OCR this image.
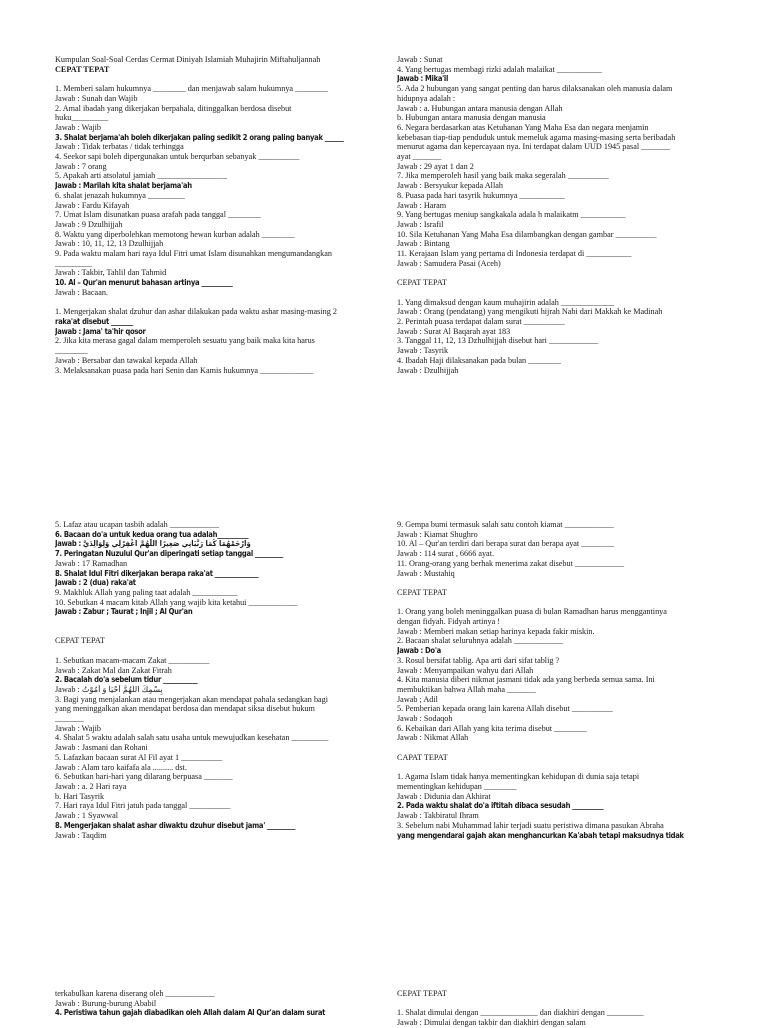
Kumpulan Soal-Soal Cerdas Cermat Diniyah Islamiah Muhajirin Miftahuljannah
CEPAT TEPAT

1. Memberi salam hukumnya ________ dan menjawab salam hukumnya ________
Jawab : Sunah dan Wajib
2. Amal ibadah yang dikerjakan berpahala, ditinggalkan berdosa disebut
huku_________
Jawab : Wajib
3. Shalat berjama'ah boleh dikerjakan paling sedikit 2 orang paling banyak ______
Jawab : Tidak terbatas / tidak terhingga
4. Seekor sapi boleh dipergunakan untuk berqurban sebanyak __________
Jawab : 7 orang
5. Apakah arti atsolatul jamiah _________________
Jawab : Marilah kita shalat berjama'ah
6. shalat jenazah hukumnya _________
Jawab : Fardu Kifayah
7. Umat Islam disunatkan puasa arafah pada tanggal ________
Jawab : 9 Dzulhijjah
8. Waktu yang diperbolehkan memotong hewan kurban adalah ________
Jawab : 10, 11, 12, 13 Dzulhijjah
9. Pada waktu malam hari raya Idul Fitri umat Islam disunahkan mengumandangkan
_________
Jawab : Takbir, Tahlil dan Tahmid
10. Al – Qur'an menurut bahasan artinya __________
Jawab : Bacaan.

1. Mengerjakan shalat dzuhur dan ashar dilakukan pada waktu ashar masing-masing 2
raka'at disebut _______
Jawab : Jama' ta'hir qosor
2. Jika kita merasa gagal dalam memperoleh sesuatu yang baik maka kita harus
________
Jawab : Bersabar dan tawakal kepada Allah
3. Melaksanakan puasa pada hari Senin dan Kamis hukumnya _____________
Jawab : Sunat
4. Yang bertugas membagi rizki adalah malaikat ___________
Jawab : Mika'il
5. Ada 2 hubungan yang sangat penting dan harus dilaksanakan oleh manusia dalam
hidupnya adalah :
Jawab : a. Hubungan antara manusia dengan Allah
b. Hubungan antara manusia dengan manusia
6. Negara berdasarkan atas Ketuhanan Yang Maha Esa dan negara menjamin
kebebasan tiap-tiap penduduk untuk memeluk agama masing-masing serta beribadah
menurut agama dan kepercayaan nya. Ini terdapat dalam UUD 1945 pasal _______
ayat _______
Jawab : 29 ayat 1 dan 2
7. Jika memperoleh hasil yang baik maka segeralah __________
Jawab : Bersyukur kepada Allah
8. Puasa pada hari tasyrik hukumnya ___________
Jawab : Haram
9. Yang bertugas meniup sangkakala adala h malaikatm ___________
Jawab : Israfil
10. Sila Ketuhanan Yang Maha Esa dilambangkan dengan gambar __________
Jawab : Bintang
11. Kerajaan Islam yang pertama di Indonesia terdapat di ___________
Jawab : Samudera Pasai (Aceh)

CEPAT TEPAT

1. Yang dimaksud dengan kaum muhajirin adalah _____________
Jawab : Orang (pendatang) yang mengikuti hijrah Nabi dari Makkah ke Madinah
2. Perintah puasa terdapat dalam surat __________
Jawab : Surat Al Baqarah ayat 183
3. Tanggal 11, 12, 13 Dzhulhijjah disebut hari ____________
Jawab : Tasyrik
4. Ibadah Haji dilaksanakan pada bulan ________
Jawab : Dzulhijjah
5. Lafaz atau ucapan tasbih adalah ____________
6. Bacaan do'a untuk kedua orang tua adalah__________
Jawab : وَارْحَمْهُمَا كَمَا رَبَّيَانِي صَغِيرًا اللَّهُمَّ اغْفِرْلِي وَلِوَالِدَيَّ
7. Peringatan Nuzulul Qur'an diperingati setiap tanggal _________
Jawab : 17 Ramadhan
8. Shalat Idul Fitri dikerjakan berapa raka'at ______________
Jawab : 2 (dua) raka'at
9. Makhluk Allah yang paling taat adalah ___________
10. Sebutkan 4 macam kitab Allah yang wajib kita ketahui ____________
Jawab : Zabur ; Taurat ; Injil ; Al Qur'an

CEPAT TEPAT

1. Sebutkan macam-macam Zakat __________
Jawab : Zakat Mal dan Zakat Fitrah
2. Bacalah do'a sebelum tidur ___________
Jawab : بِسْمِكَ اللَّهُمَّ أَحْيَا وَ أَمُوْتُ
3. Bagi yang menjalankan atau mengerjakan akan mendapat pahala sedangkan bagi
yang meninggalkan akan mendapat berdosa dan mendapat siksa disebut hukum
_______
Jawab : Wajib
4. Shalat 5 waktu adalah salah satu usaha untuk mewujudkan kesehatan _________
Jawab : Jasmani dan Rohani
5. Lafazkan bacaan surat Al Fil ayat 1 __________
Jawab : Alam taro kaifafa ala .......... dst.
6. Sebutkan hari-hari yang dilarang berpuasa _______
Jawab : a. 2 Hari raya
b. Hari Tasyrik
7. Hari raya Idul Fitri jatuh pada tanggal __________
Jawab : 1 Syawwal
8. Mengerjakan shalat ashar diwaktu dzuhur disebut jama' _________
Jawab : Taqdim
9. Gempa bumi termasuk salah satu contoh kiamat ____________
Jawab : Kiamat Shughro
10. Al – Qur'an terdiri dari berapa surat dan berapa ayat ________
Jawab : 114 surat , 6666 ayat.
11. Orang-orang yang berhak menerima zakat disebut ____________
Jawab : Mustahiq

CEPAT TEPAT

1. Orang yang boleh meninggalkan puasa di bulan Ramadhan harus menggantinya
dengan fidyah. Fidyah artinya !
Jawab : Memberi makan setiap harinya kepada fakir miskin.
2. Bacaan shalat seluruhnya adalah ____________
Jawab : Do'a
3. Rosul bersifat tablig. Apa arti dari sifat tablig ?
Jawab : Menyampaikan wahyu dari Allah
4. Kita manusia diberi nikmat jasmani tidak ada yang berbeda semua sama. Ini
membuktikan bahwa Allah maha _______
Jawab ; Adil
5. Pemberian kepada orang lain karena Allah disebut __________
Jawab : Sodaqoh
6. Kebaikan dari Allah yang kita terima disebut ________
Jawab : Nikmat Allah

CAPAT TEPAT

1. Agama Islam tidak hanya mementingkan kehidupan di dunia saja tetapi
mementingkan kehidupan ________
Jawab : Didunia dan Akhirat
2. Pada waktu shalat do'a iftitah dibaca sesudah __________
Jawab : Takbiratul Ihram
3. Sebelum nabi Muhammad lahir terjadi suatu peristiwa dimana pasukan Abraha
yang mengendarai gajah akan menghancurkan Ka'abah tetapi maksudnya tidak
terkabulkan karena diserang oleh ____________
Jawab : Burung-burung Ababil
4. Peristiwa tahun gajah diabadikan oleh Allah dalam Al Qur'an dalam surat
CEPAT TEPAT

1. Shalat dimulai dengan ______________ dan diakhiri dengan _________
Jawab : Dimulai dengan takbir dan diakhiri dengan salam
